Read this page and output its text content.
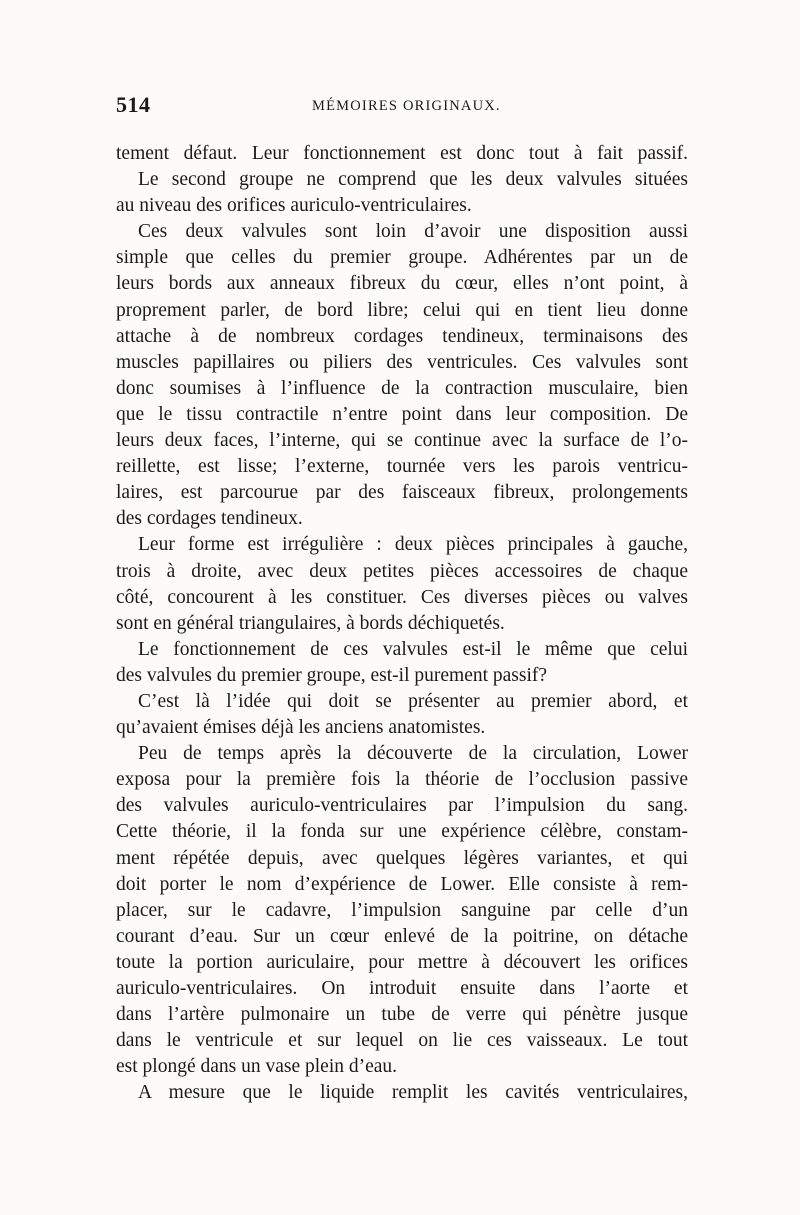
514	MÉMOIRES ORIGINAUX.
tement défaut. Leur fonctionnement est donc tout à fait passif.
Le second groupe ne comprend que les deux valvules situées
au niveau des orifices auriculo-ventriculaires.
Ces deux valvules sont loin d’avoir une disposition aussi
simple que celles du premier groupe. Adhérentes par un de
leurs bords aux anneaux fibreux du cœur, elles n’ont point, à
proprement parler, de bord libre; celui qui en tient lieu donne
attache à de nombreux cordages tendineux, terminaisons des
muscles papillaires ou piliers des ventricules. Ces valvules sont
donc soumises à l’influence de la contraction musculaire, bien
que le tissu contractile n’entre point dans leur composition. De
leurs deux faces, l’interne, qui se continue avec la surface de l’o-
reillette, est lisse; l’externe, tournée vers les parois ventricu-
laires, est parcourue par des faisceaux fibreux, prolongements
des cordages tendineux.
Leur forme est irrégulière : deux pièces principales à gauche,
trois à droite, avec deux petites pièces accessoires de chaque
côté, concourent à les constituer. Ces diverses pièces ou valves
sont en général triangulaires, à bords déchiquetés.
Le fonctionnement de ces valvules est-il le même que celui
des valvules du premier groupe, est-il purement passif?
C’est là l’idée qui doit se présenter au premier abord, et
qu’avaient émises déjà les anciens anatomistes.
Peu de temps après la découverte de la circulation, Lower
exposa pour la première fois la théorie de l’occlusion passive
des valvules auriculo-ventriculaires par l’impulsion du sang.
Cette théorie, il la fonda sur une expérience célèbre, constam-
ment répétée depuis, avec quelques légères variantes, et qui
doit porter le nom d’expérience de Lower. Elle consiste à rem-
placer, sur le cadavre, l’impulsion sanguine par celle d’un
courant d’eau. Sur un cœur enlevé de la poitrine, on détache
toute la portion auriculaire, pour mettre à découvert les orifices
auriculo-ventriculaires. On introduit ensuite dans l’aorte et
dans l’artère pulmonaire un tube de verre qui pénètre jusque
dans le ventricule et sur lequel on lie ces vaisseaux. Le tout
est plongé dans un vase plein d’eau.
A mesure que le liquide remplit les cavités ventriculaires,
